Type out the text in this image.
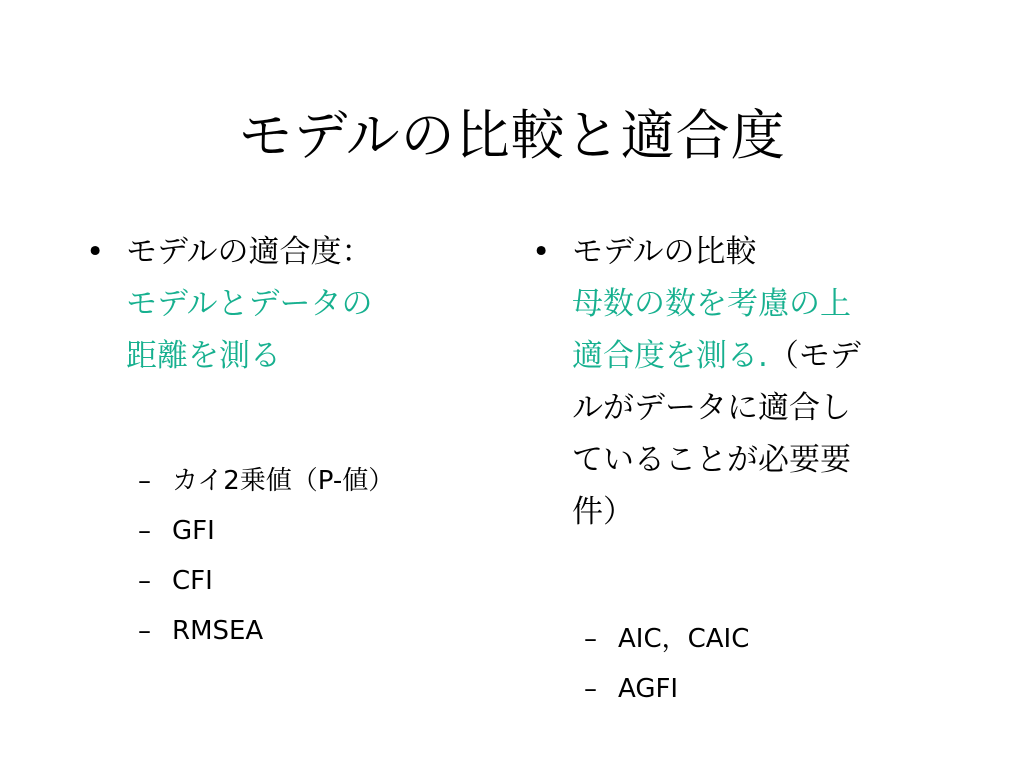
モデルの比較と適合度
• モデルの適合度：
モデルとデータの
距離を測る
– カイ2乗値（P-値）
– GFI
– CFI
– RMSEA
• モデルの比較
母数の数を考慮の上
適合度を測る.（モデ
ルがデータに適合し
ていることが必要要
件）
– AIC，CAIC
– AGFI
